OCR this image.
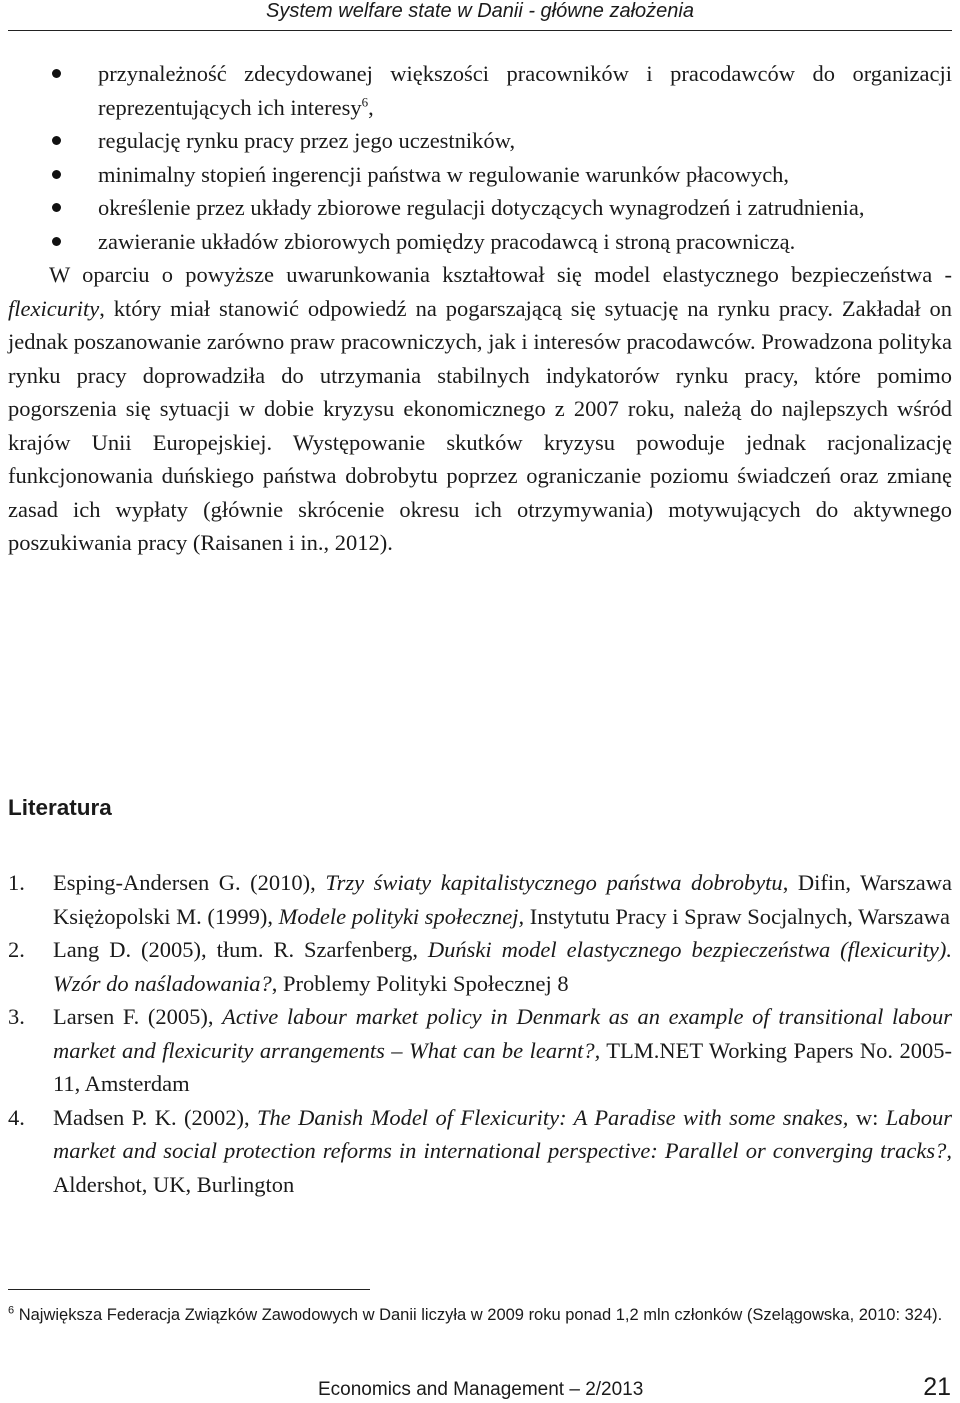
System welfare state w Danii - główne założenia
przynależność zdecydowanej większości pracowników i pracodawców do organizacji reprezentujących ich interesy$^6$,
regulację rynku pracy przez jego uczestników,
minimalny stopień ingerencji państwa w regulowanie warunków płacowych,
określenie przez układy zbiorowe regulacji dotyczących wynagrodzeń i zatrudnienia,
zawieranie układów zbiorowych pomiędzy pracodawcą i stroną pracowniczą.

W oparciu o powyższe uwarunkowania kształtował się model elastycznego bezpieczeństwa - flexicurity, który miał stanowić odpowiedź na pogarszającą się sytuację na rynku pracy. Zakładał on jednak poszanowanie zarówno praw pracowniczych, jak i interesów pracodawców. Prowadzona polityka rynku pracy doprowadziła do utrzymania stabilnych indykatorów rynku pracy, które pomimo pogorszenia się sytuacji w dobie kryzysu ekonomicznego z 2007 roku, należą do najlepszych wśród krajów Unii Europejskiej. Występowanie skutków kryzysu powoduje jednak racjonalizację funkcjonowania duńskiego państwa dobrobytu poprzez ograniczanie poziomu świadczeń oraz zmianę zasad ich wypłaty (głównie skrócenie okresu ich otrzymywania) motywujących do aktywnego poszukiwania pracy (Raisanen i in., 2012).

Literatura
1. Esping-Andersen G. (2010), Trzy światy kapitalistycznego państwa dobrobytu, Difin, Warszawa Księżopolski M. (1999), Modele polityki społecznej, Instytutu Pracy i Spraw Socjalnych, Warszawa
2. Lang D. (2005), tłum. R. Szarfenberg, Duński model elastycznego bezpieczeństwa (flexicurity). Wzór do naśladowania?, Problemy Polityki Społecznej 8
3. Larsen F. (2005), Active labour market policy in Denmark as an example of transitional labour market and flexicurity arrangements – What can be learnt?, TLM.NET Working Papers No. 2005-11, Amsterdam
4. Madsen P. K. (2002), The Danish Model of Flexicurity: A Paradise with some snakes, w: Labour market and social protection reforms in international perspective: Parallel or converging tracks?, Aldershot, UK, Burlington

$^6$ Największa Federacja Związków Zawodowych w Danii liczyła w 2009 roku ponad 1,2 mln członków (Szelągowska, 2010: 324).

Economics and Management – 2/2013	21
